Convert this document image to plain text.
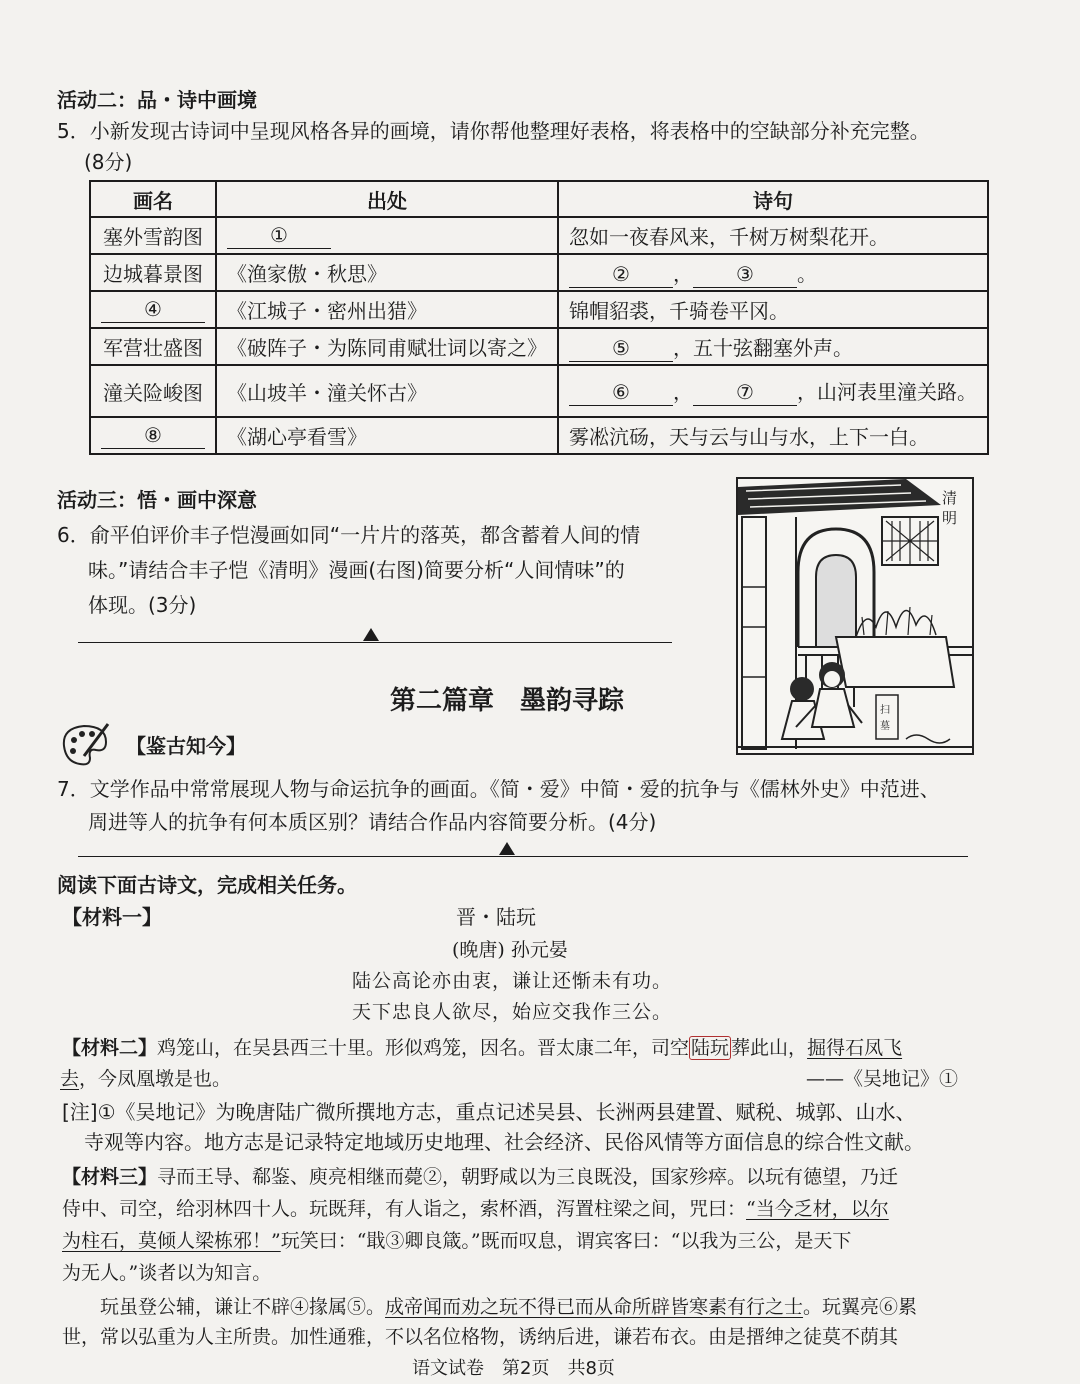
活动二：品・诗中画境
5．小新发现古诗词中呈现风格各异的画境，请你帮他整理好表格，将表格中的空缺部分补充完整。
(8分)
画名	出处	诗句
塞外雪韵图	①	忽如一夜春风来，千树万树梨花开。
边城暮景图	《渔家傲・秋思》	② ， ③ 。
④	《江城子・密州出猎》	锦帽貂裘，千骑卷平冈。
军营壮盛图	《破阵子・为陈同甫赋壮词以寄之》	⑤ ，五十弦翻塞外声。
潼关险峻图	《山坡羊・潼关怀古》	⑥ ， ⑦ ，山河表里潼关路。
⑧	《湖心亭看雪》	雾凇沆砀，天与云与山与水，上下一白。
活动三：悟・画中深意
6．俞平伯评价丰子恺漫画如同“一片片的落英，都含蓄着人间的情
味。”请结合丰子恺《清明》漫画(右图)简要分析“人间情味”的
体现。(3分)
清
明
扫
墓
第二篇章　墨韵寻踪
【鉴古知今】
7．文学作品中常常展现人物与命运抗争的画面。《简・爱》中简・爱的抗争与《儒林外史》中范进、
周进等人的抗争有何本质区别？请结合作品内容简要分析。(4分)
阅读下面古诗文，完成相关任务。
【材料一】	晋・陆玩
(晚唐) 孙元晏
陆公高论亦由衷，谦让还惭未有功。
天下忠良人欲尽，始应交我作三公。
【材料二】鸡笼山，在吴县西三十里。形似鸡笼，因名。晋太康二年，司空 陆玩 葬此山，掘得石凤飞
去，今凤凰墩是也。	——《吴地记》①
[注]①《吴地记》为晚唐陆广微所撰地方志，重点记述吴县、长洲两县建置、赋税、城郭、山水、
寺观等内容。地方志是记录特定地域历史地理、社会经济、民俗风情等方面信息的综合性文献。
【材料三】寻而王导、郗鉴、庾亮相继而薨②，朝野咸以为三良既没，国家殄瘁。以玩有德望，乃迁
侍中、司空，给羽林四十人。玩既拜，有人诣之，索杯酒，泻置柱梁之间，咒曰：“当今乏材，以尔
为柱石，莫倾人梁栋邪！”玩笑曰：“戢③卿良箴。”既而叹息，谓宾客曰：“以我为三公，是天下
为无人。”谈者以为知言。
玩虽登公辅，谦让不辟④掾属⑤。成帝闻而劝之玩不得已而从命所辟皆寒素有行之士。玩翼亮⑥累
世，常以弘重为人主所贵。加性通雅，不以名位格物，诱纳后进，谦若布衣。由是搢绅之徒莫不荫其
语文试卷　第2页　共8页
